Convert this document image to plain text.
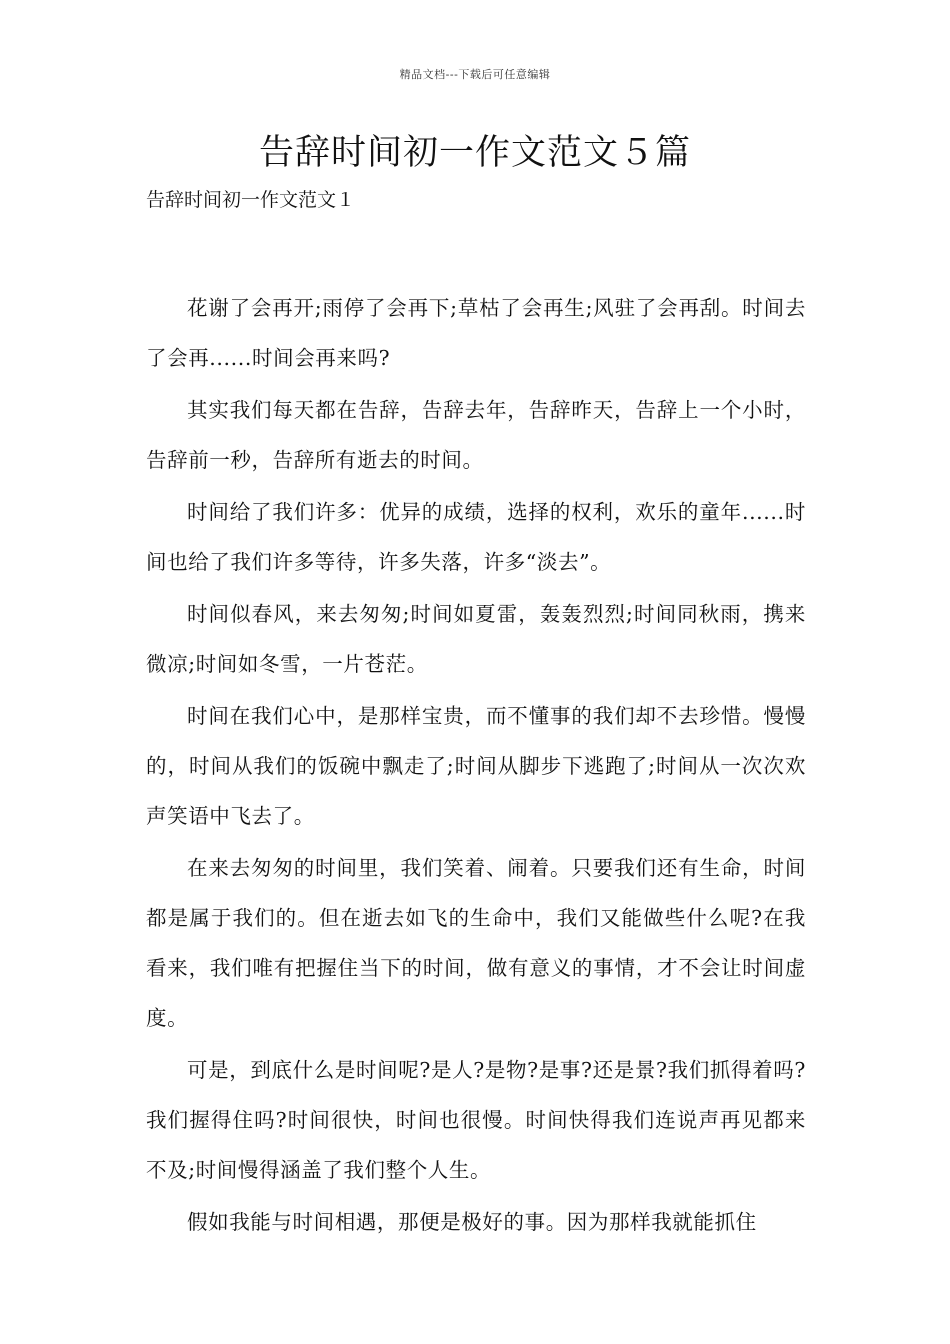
精品文档---下载后可任意编辑
告辞时间初一作文范文５篇
告辞时间初一作文范文１

花谢了会再开;雨停了会再下;草枯了会再生;风驻了会再刮。时间去了会再......时间会再来吗?

其实我们每天都在告辞，告辞去年，告辞昨天，告辞上一个小时，告辞前一秒，告辞所有逝去的时间。

时间给了我们许多：优异的成绩，选择的权利，欢乐的童年......时间也给了我们许多等待，许多失落，许多“淡去”。

时间似春风，来去匆匆;时间如夏雷，轰轰烈烈;时间同秋雨，携来微凉;时间如冬雪，一片苍茫。

时间在我们心中，是那样宝贵，而不懂事的我们却不去珍惜。慢慢的，时间从我们的饭碗中飘走了;时间从脚步下逃跑了;时间从一次次欢声笑语中飞去了。

在来去匆匆的时间里，我们笑着、闹着。只要我们还有生命，时间都是属于我们的。但在逝去如飞的生命中，我们又能做些什么呢?在我看来，我们唯有把握住当下的时间，做有意义的事情，才不会让时间虚度。

可是，到底什么是时间呢?是人?是物?是事?还是景?我们抓得着吗?我们握得住吗?时间很快，时间也很慢。时间快得我们连说声再见都来不及;时间慢得涵盖了我们整个人生。

假如我能与时间相遇，那便是极好的事。因为那样我就能抓住
